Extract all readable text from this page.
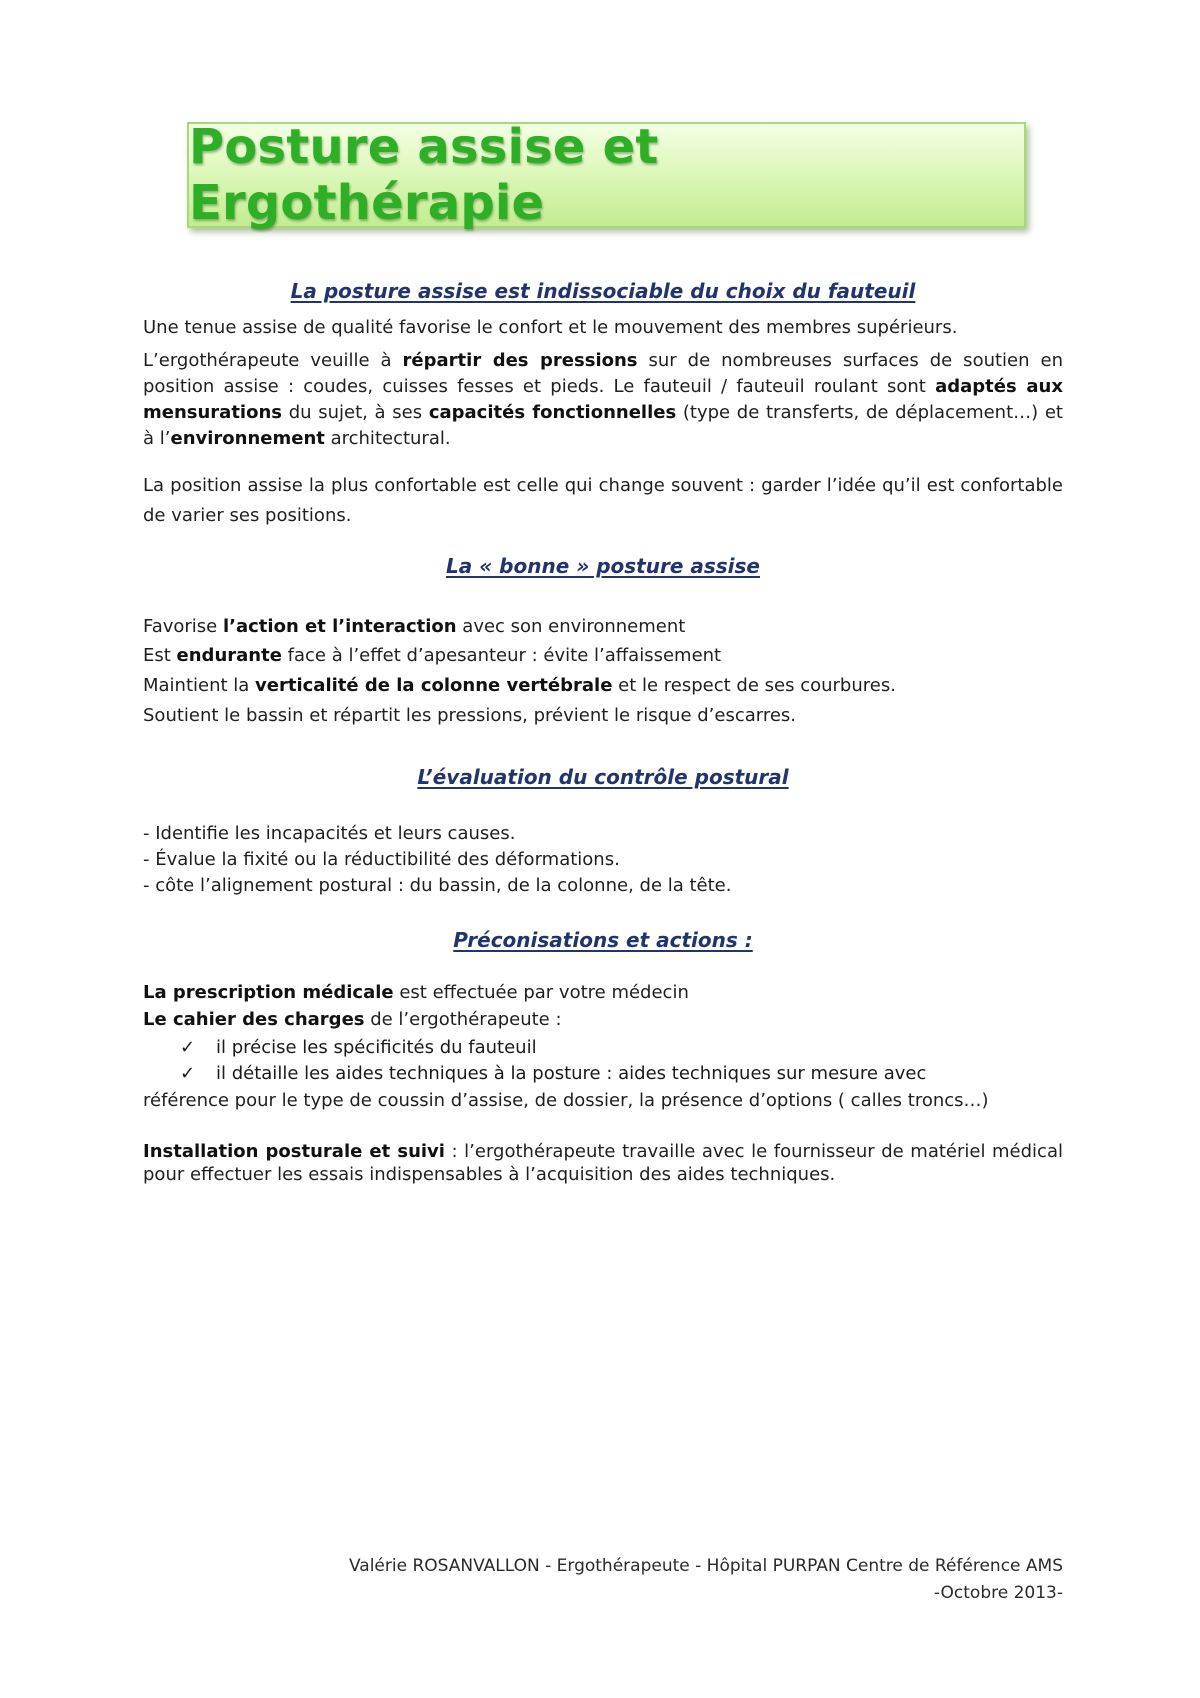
Posture assise et Ergothérapie
La posture assise est indissociable du choix du fauteuil
Une tenue assise de qualité favorise le confort et le mouvement des membres supérieurs.
L’ergothérapeute veuille à répartir des pressions sur de nombreuses surfaces de soutien en position assise : coudes, cuisses fesses et pieds. Le fauteuil / fauteuil roulant sont adaptés aux mensurations du sujet, à ses capacités fonctionnelles (type de transferts, de déplacement…) et à l’environnement architectural.
La position assise la plus confortable est celle qui change souvent : garder l’idée qu’il est confortable de varier ses positions.
La « bonne » posture assise
Favorise l’action et l’interaction avec son environnement
Est endurante face à l’effet d’apesanteur : évite l’affaissement
Maintient la verticalité de la colonne vertébrale et le respect de ses courbures.
Soutient le bassin et répartit les pressions, prévient le risque d’escarres.
L’évaluation du contrôle postural
- Identifie les incapacités et leurs causes.
- Évalue la fixité ou la réductibilité des déformations.
- côte l’alignement postural : du bassin, de la colonne, de la tête.
Préconisations et actions :
La prescription médicale est effectuée par votre médecin
Le cahier des charges de l’ergothérapeute :
✓ il précise les spécificités du fauteuil
✓ il détaille les aides techniques à la posture : aides techniques sur mesure avec
référence pour le type de coussin d’assise, de dossier, la présence d’options ( calles troncs…)
Installation posturale et suivi : l’ergothérapeute travaille avec le fournisseur de matériel médical pour effectuer les essais indispensables à l’acquisition des aides techniques.
Valérie ROSANVALLON - Ergothérapeute - Hôpital PURPAN Centre de Référence AMS
-Octobre 2013-
